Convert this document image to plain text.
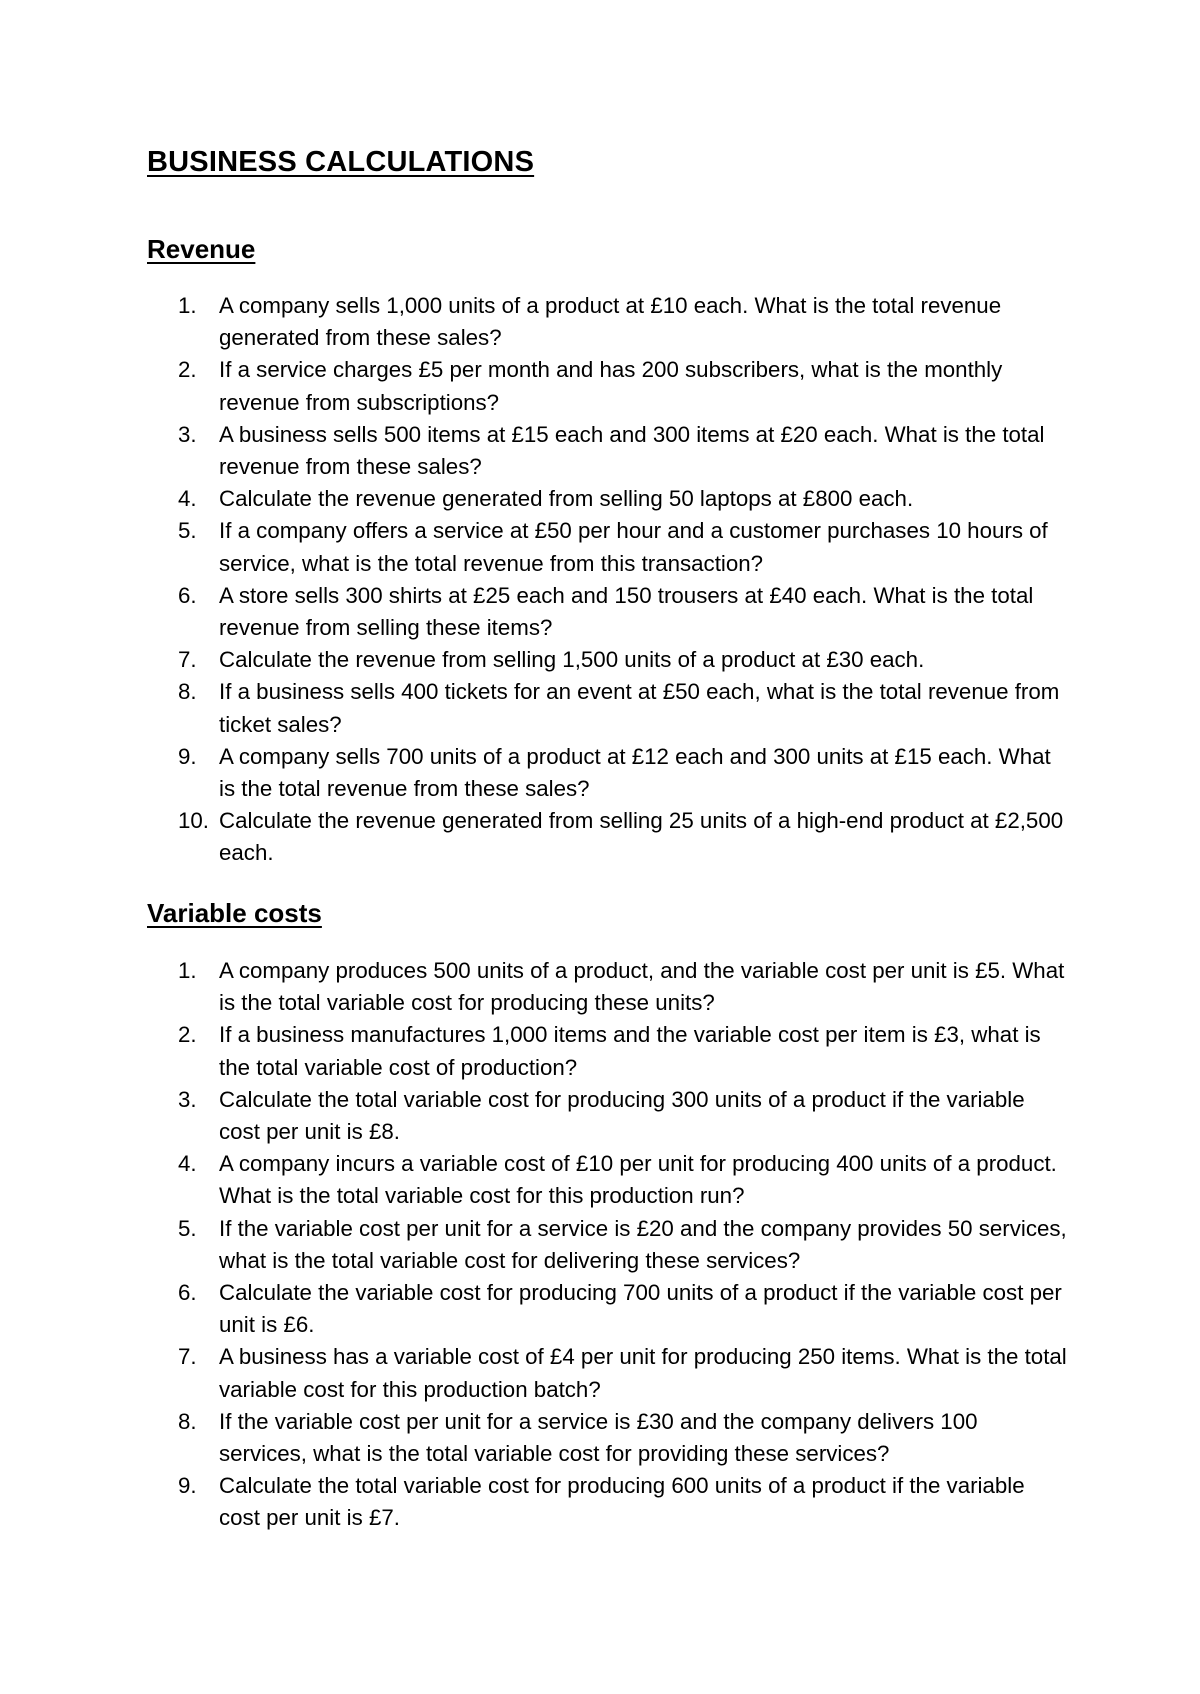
BUSINESS CALCULATIONS
Revenue
1.	A company sells 1,000 units of a product at £10 each. What is the total revenue generated from these sales?
2.	If a service charges £5 per month and has 200 subscribers, what is the monthly revenue from subscriptions?
3.	A business sells 500 items at £15 each and 300 items at £20 each. What is the total revenue from these sales?
4.	Calculate the revenue generated from selling 50 laptops at £800 each.
5.	If a company offers a service at £50 per hour and a customer purchases 10 hours of service, what is the total revenue from this transaction?
6.	A store sells 300 shirts at £25 each and 150 trousers at £40 each. What is the total revenue from selling these items?
7.	Calculate the revenue from selling 1,500 units of a product at £30 each.
8.	If a business sells 400 tickets for an event at £50 each, what is the total revenue from ticket sales?
9.	A company sells 700 units of a product at £12 each and 300 units at £15 each. What is the total revenue from these sales?
10. Calculate the revenue generated from selling 25 units of a high-end product at £2,500 each.
Variable costs
1.	A company produces 500 units of a product, and the variable cost per unit is £5. What is the total variable cost for producing these units?
2.	If a business manufactures 1,000 items and the variable cost per item is £3, what is the total variable cost of production?
3.	Calculate the total variable cost for producing 300 units of a product if the variable cost per unit is £8.
4.	A company incurs a variable cost of £10 per unit for producing 400 units of a product. What is the total variable cost for this production run?
5.	If the variable cost per unit for a service is £20 and the company provides 50 services, what is the total variable cost for delivering these services?
6.	Calculate the variable cost for producing 700 units of a product if the variable cost per unit is £6.
7.	A business has a variable cost of £4 per unit for producing 250 items. What is the total variable cost for this production batch?
8.	If the variable cost per unit for a service is £30 and the company delivers 100 services, what is the total variable cost for providing these services?
9.	Calculate the total variable cost for producing 600 units of a product if the variable cost per unit is £7.
